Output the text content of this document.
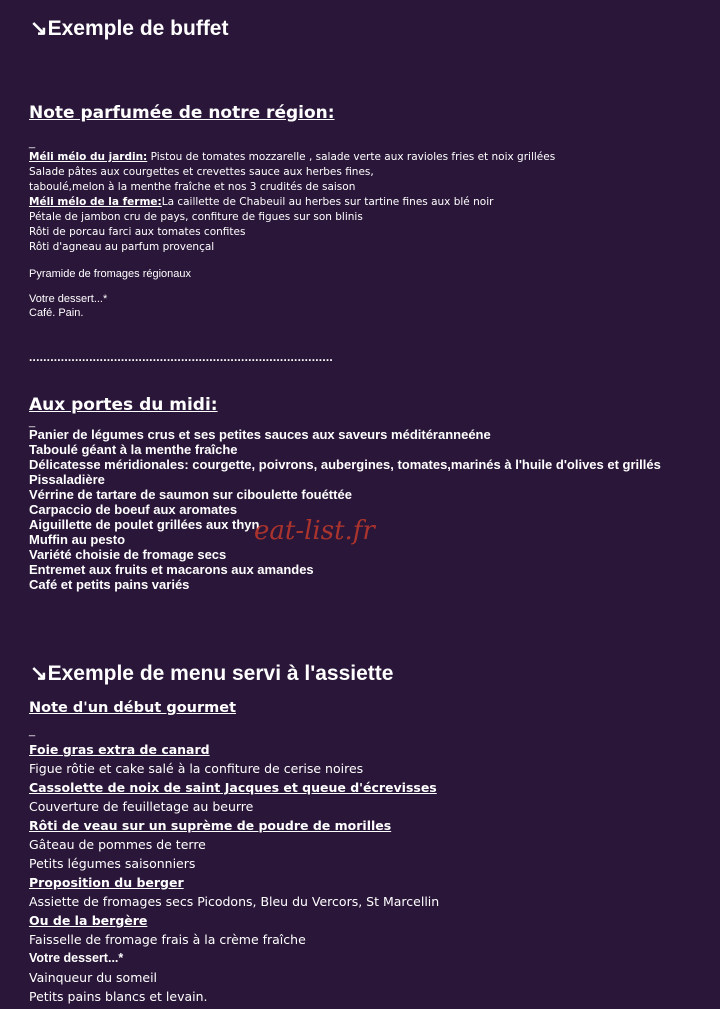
↘Exemple de buffet
Note parfumée de notre région:
_
Méli mélo du jardin: Pistou de tomates mozzarelle , salade verte aux ravioles fries et noix grillées
Salade pâtes aux courgettes et crevettes sauce aux herbes fines,
taboulé,melon à la menthe fraîche et nos 3 crudités de saison
Méli mélo de la ferme:La caillette de Chabeuil au herbes sur tartine fines aux blé noir
Pétale de jambon cru de pays, confiture de figues sur son blinis
Rôti de porcau farci aux tomates confites
Rôti d'agneau au parfum provençal
Pyramide de fromages régionaux
Votre dessert...*
Café. Pain.
......................................................................................
Aux portes du midi:
_
Panier de légumes crus et ses petites sauces aux saveurs méditéranneéne
Taboulé géant à la menthe fraîche
Délicatesse méridionales: courgette, poivrons, aubergines, tomates,marinés à l'huile d'olives et grillés
Pissaladière
Vérrine de tartare de saumon sur ciboulette fouéttée
Carpaccio de boeuf aux aromates
Aiguillette de poulet grillées aux thyn
Muffin au pesto
Variété choisie de fromage secs
Entremet aux fruits et macarons aux amandes
Café et petits pains variés
eat-list.fr
↘Exemple de menu servi à l'assiette
Note d'un début gourmet
_
Foie gras extra de canard
Figue rôtie et cake salé à la confiture de cerise noires
Cassolette de noix de saint Jacques et queue d'écrevisses
Couverture de feuilletage au beurre
Rôti de veau sur un suprème de poudre de morilles
Gâteau de pommes de terre
Petits légumes saisonniers
Proposition du berger
Assiette de fromages secs Picodons, Bleu du Vercors, St Marcellin
Ou de la bergère
Faisselle de fromage frais à la crème fraîche
Votre dessert...*
Vainqueur du someil
Petits pains blancs et levain.
